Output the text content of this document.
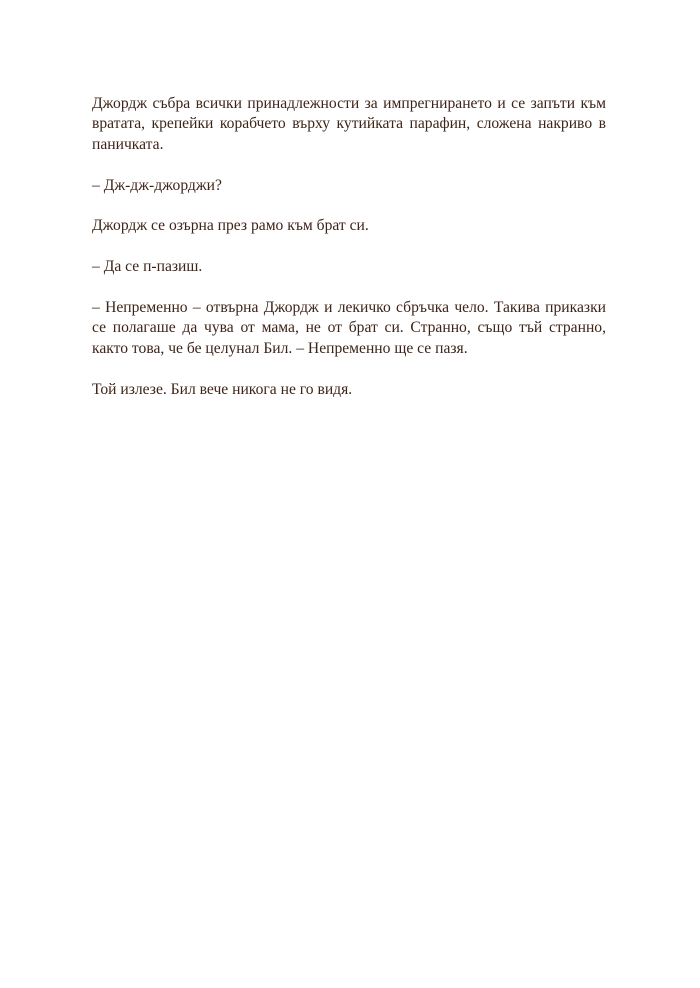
Джордж събра всички принадлежности за импрегнирането и се запъти към вратата, крепейки корабчето върху кутийката парафин, сложена накриво в паничката.

– Дж-дж-джорджи?

Джордж се озърна през рамо към брат си.

– Да се п-пазиш.

– Непременно – отвърна Джордж и лекичко сбръчка чело. Такива приказки се полагаше да чува от мама, не от брат си. Странно, също тъй странно, както това, че бе целунал Бил. – Непременно ще се пазя.

Той излезе. Бил вече никога не го видя.
